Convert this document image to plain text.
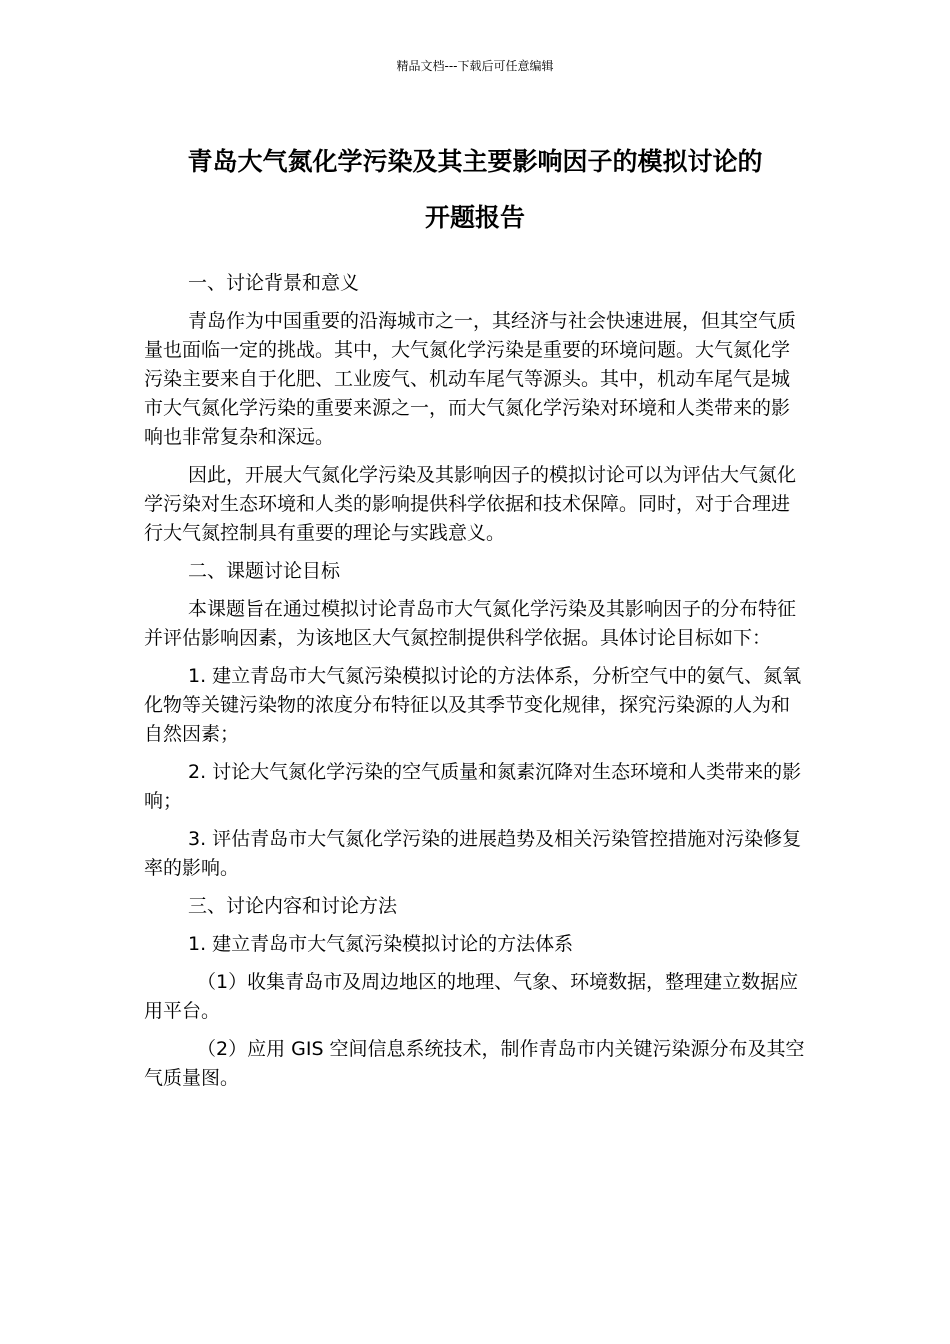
精品文档---下载后可任意编辑
青岛大气氮化学污染及其主要影响因子的模拟讨论的
开题报告

一、讨论背景和意义

青岛作为中国重要的沿海城市之一，其经济与社会快速进展，但其空气质量也面临一定的挑战。其中，大气氮化学污染是重要的环境问题。大气氮化学污染主要来自于化肥、工业废气、机动车尾气等源头。其中，机动车尾气是城市大气氮化学污染的重要来源之一，而大气氮化学污染对环境和人类带来的影响也非常复杂和深远。

因此，开展大气氮化学污染及其影响因子的模拟讨论可以为评估大气氮化学污染对生态环境和人类的影响提供科学依据和技术保障。同时，对于合理进行大气氮控制具有重要的理论与实践意义。

二、课题讨论目标

本课题旨在通过模拟讨论青岛市大气氮化学污染及其影响因子的分布特征并评估影响因素，为该地区大气氮控制提供科学依据。具体讨论目标如下：

1. 建立青岛市大气氮污染模拟讨论的方法体系，分析空气中的氨气、氮氧化物等关键污染物的浓度分布特征以及其季节变化规律，探究污染源的人为和自然因素；

2. 讨论大气氮化学污染的空气质量和氮素沉降对生态环境和人类带来的影响；

3. 评估青岛市大气氮化学污染的进展趋势及相关污染管控措施对污染修复率的影响。

三、讨论内容和讨论方法

1. 建立青岛市大气氮污染模拟讨论的方法体系

（1）收集青岛市及周边地区的地理、气象、环境数据，整理建立数据应用平台。

（2）应用 GIS 空间信息系统技术，制作青岛市内关键污染源分布及其空气质量图。
